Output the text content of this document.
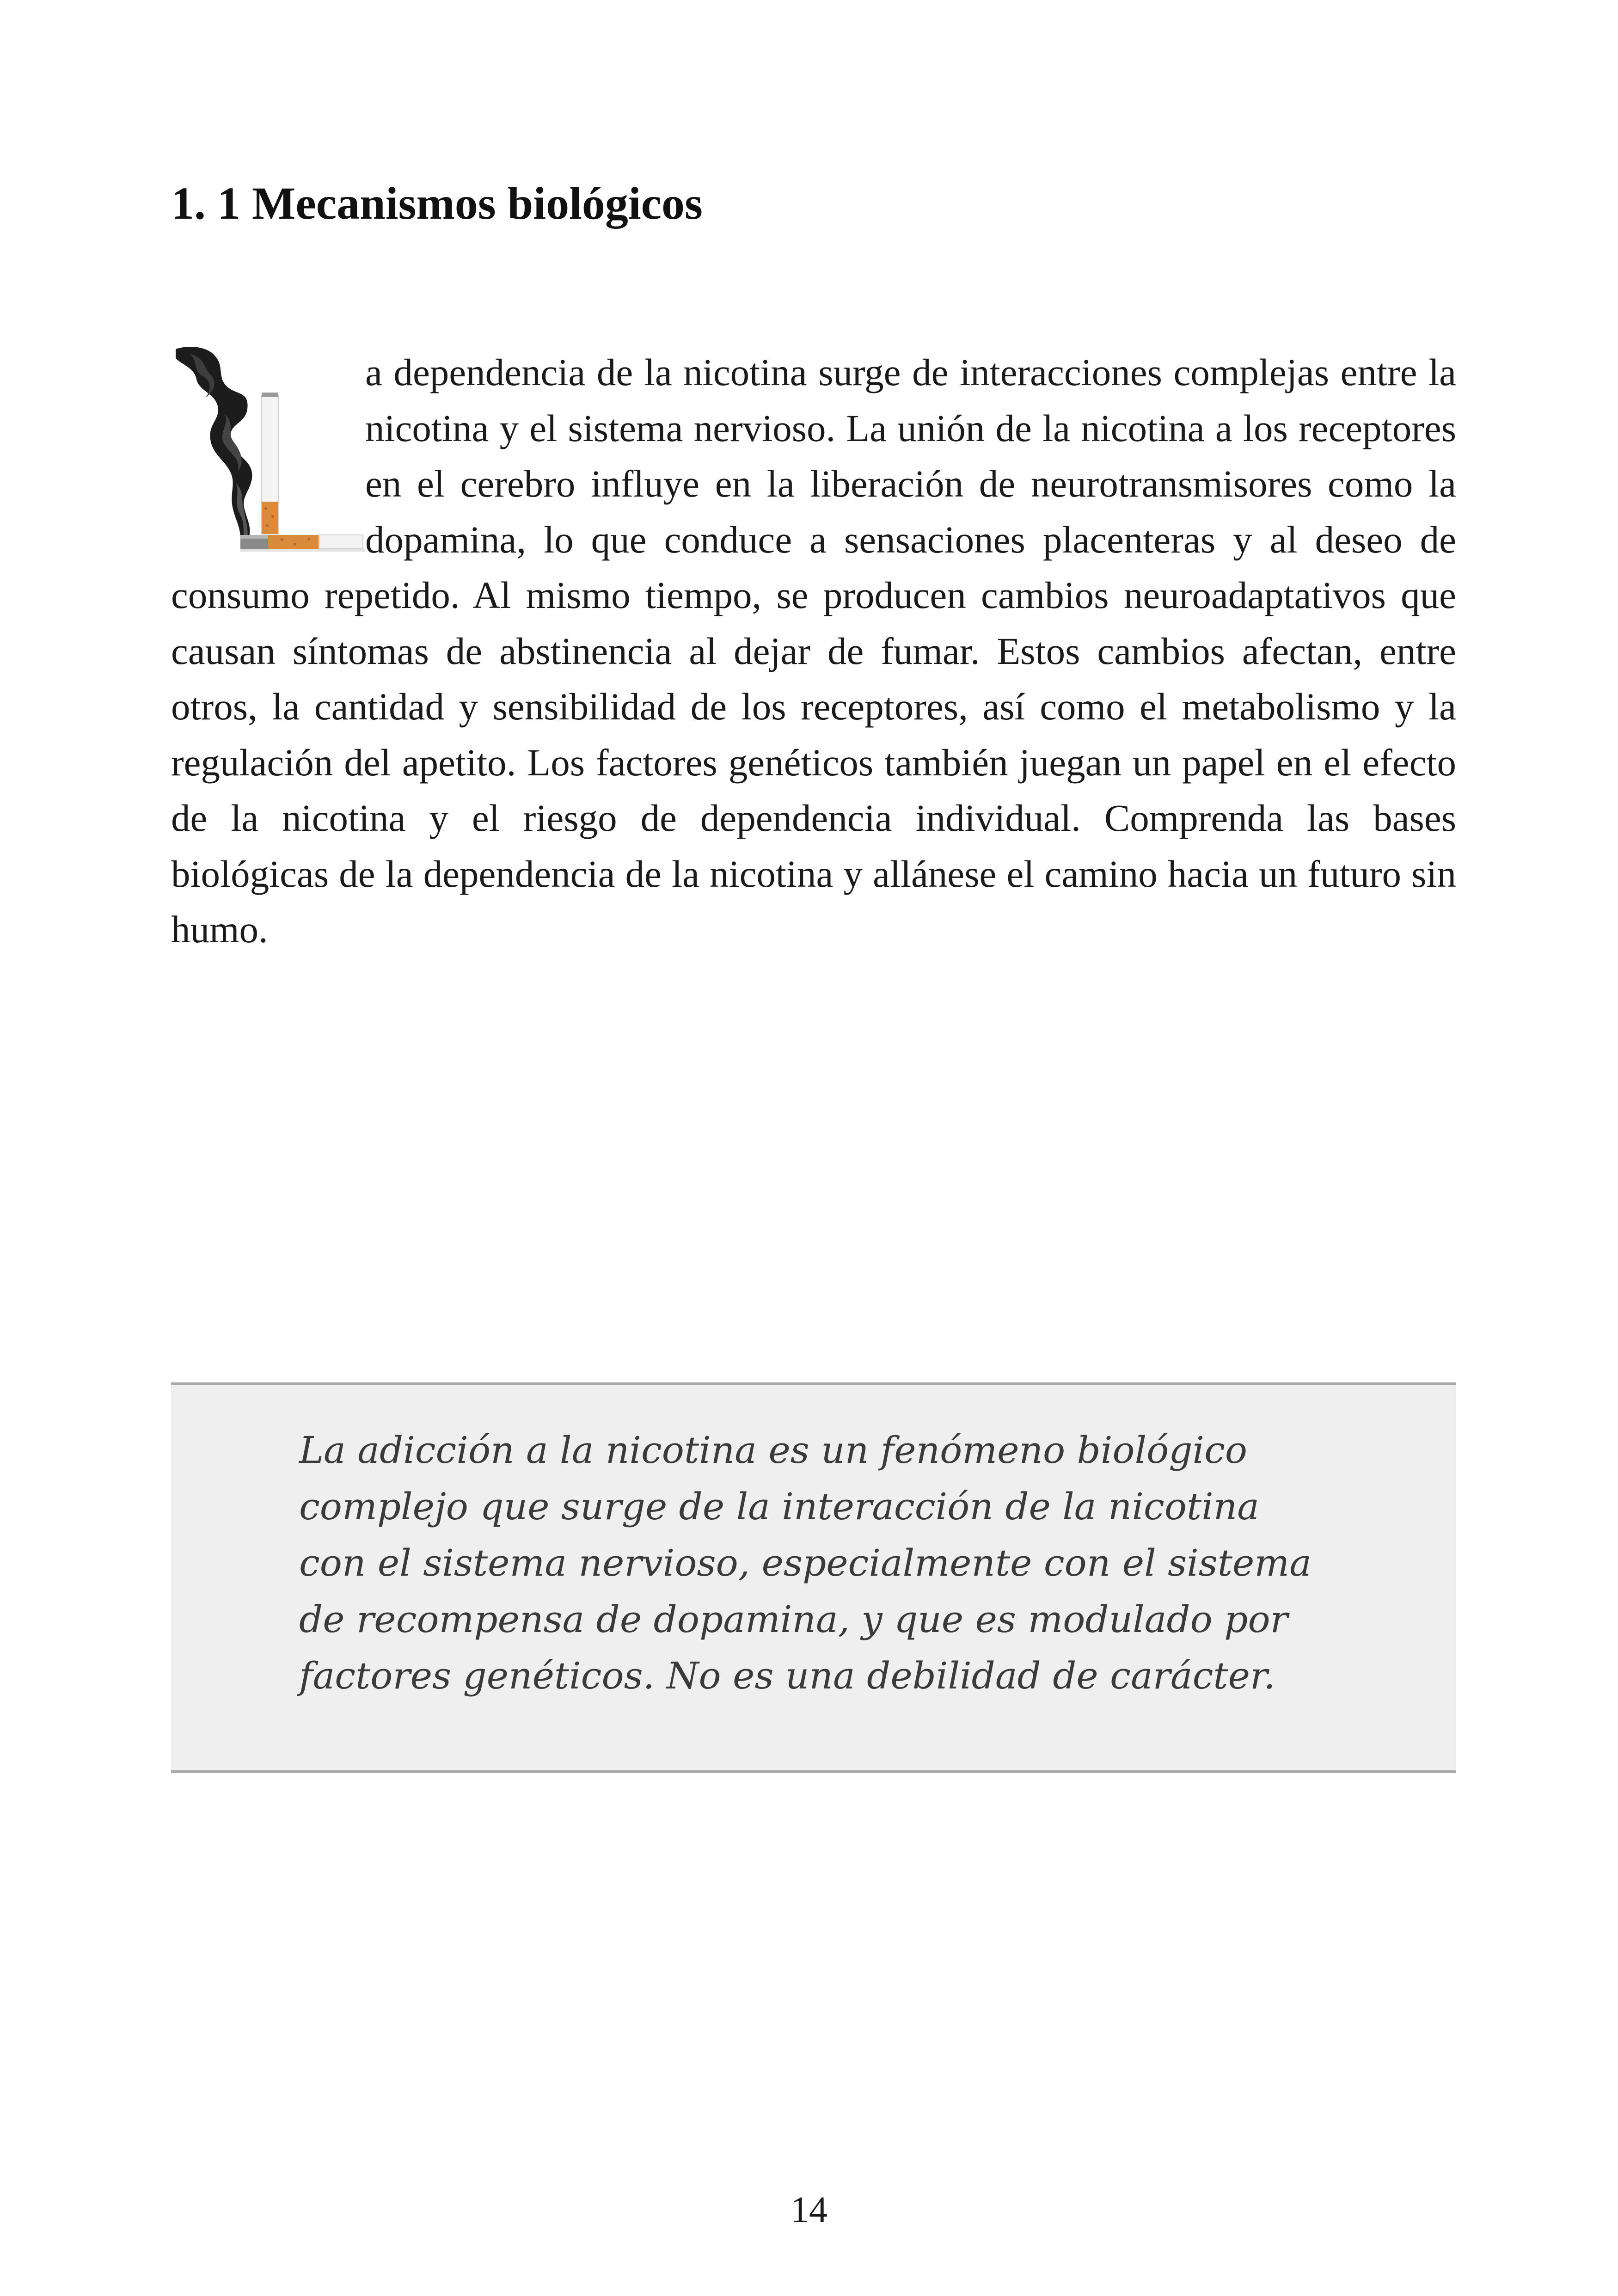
1. 1 Mecanismos biológicos

a dependencia de la nicotina surge de interacciones complejas entre la nicotina y el sistema nervioso. La unión de la nicotina a los receptores en el cerebro influye en la liberación de neurotransmisores como la dopamina, lo que conduce a sensaciones placenteras y al deseo de consumo repetido. Al mismo tiempo, se producen cambios neuroadaptativos que causan síntomas de abstinencia al dejar de fumar. Estos cambios afectan, entre otros, la cantidad y sensibilidad de los receptores, así como el metabolismo y la regulación del apetito. Los factores genéticos también juegan un papel en el efecto de la nicotina y el riesgo de dependencia individual. Comprenda las bases biológicas de la dependencia de la nicotina y allánese el camino hacia un futuro sin humo.

La adicción a la nicotina es un fenómeno biológico complejo que surge de la interacción de la nicotina con el sistema nervioso, especialmente con el sistema de recompensa de dopamina, y que es modulado por factores genéticos. No es una debilidad de carácter.

14
